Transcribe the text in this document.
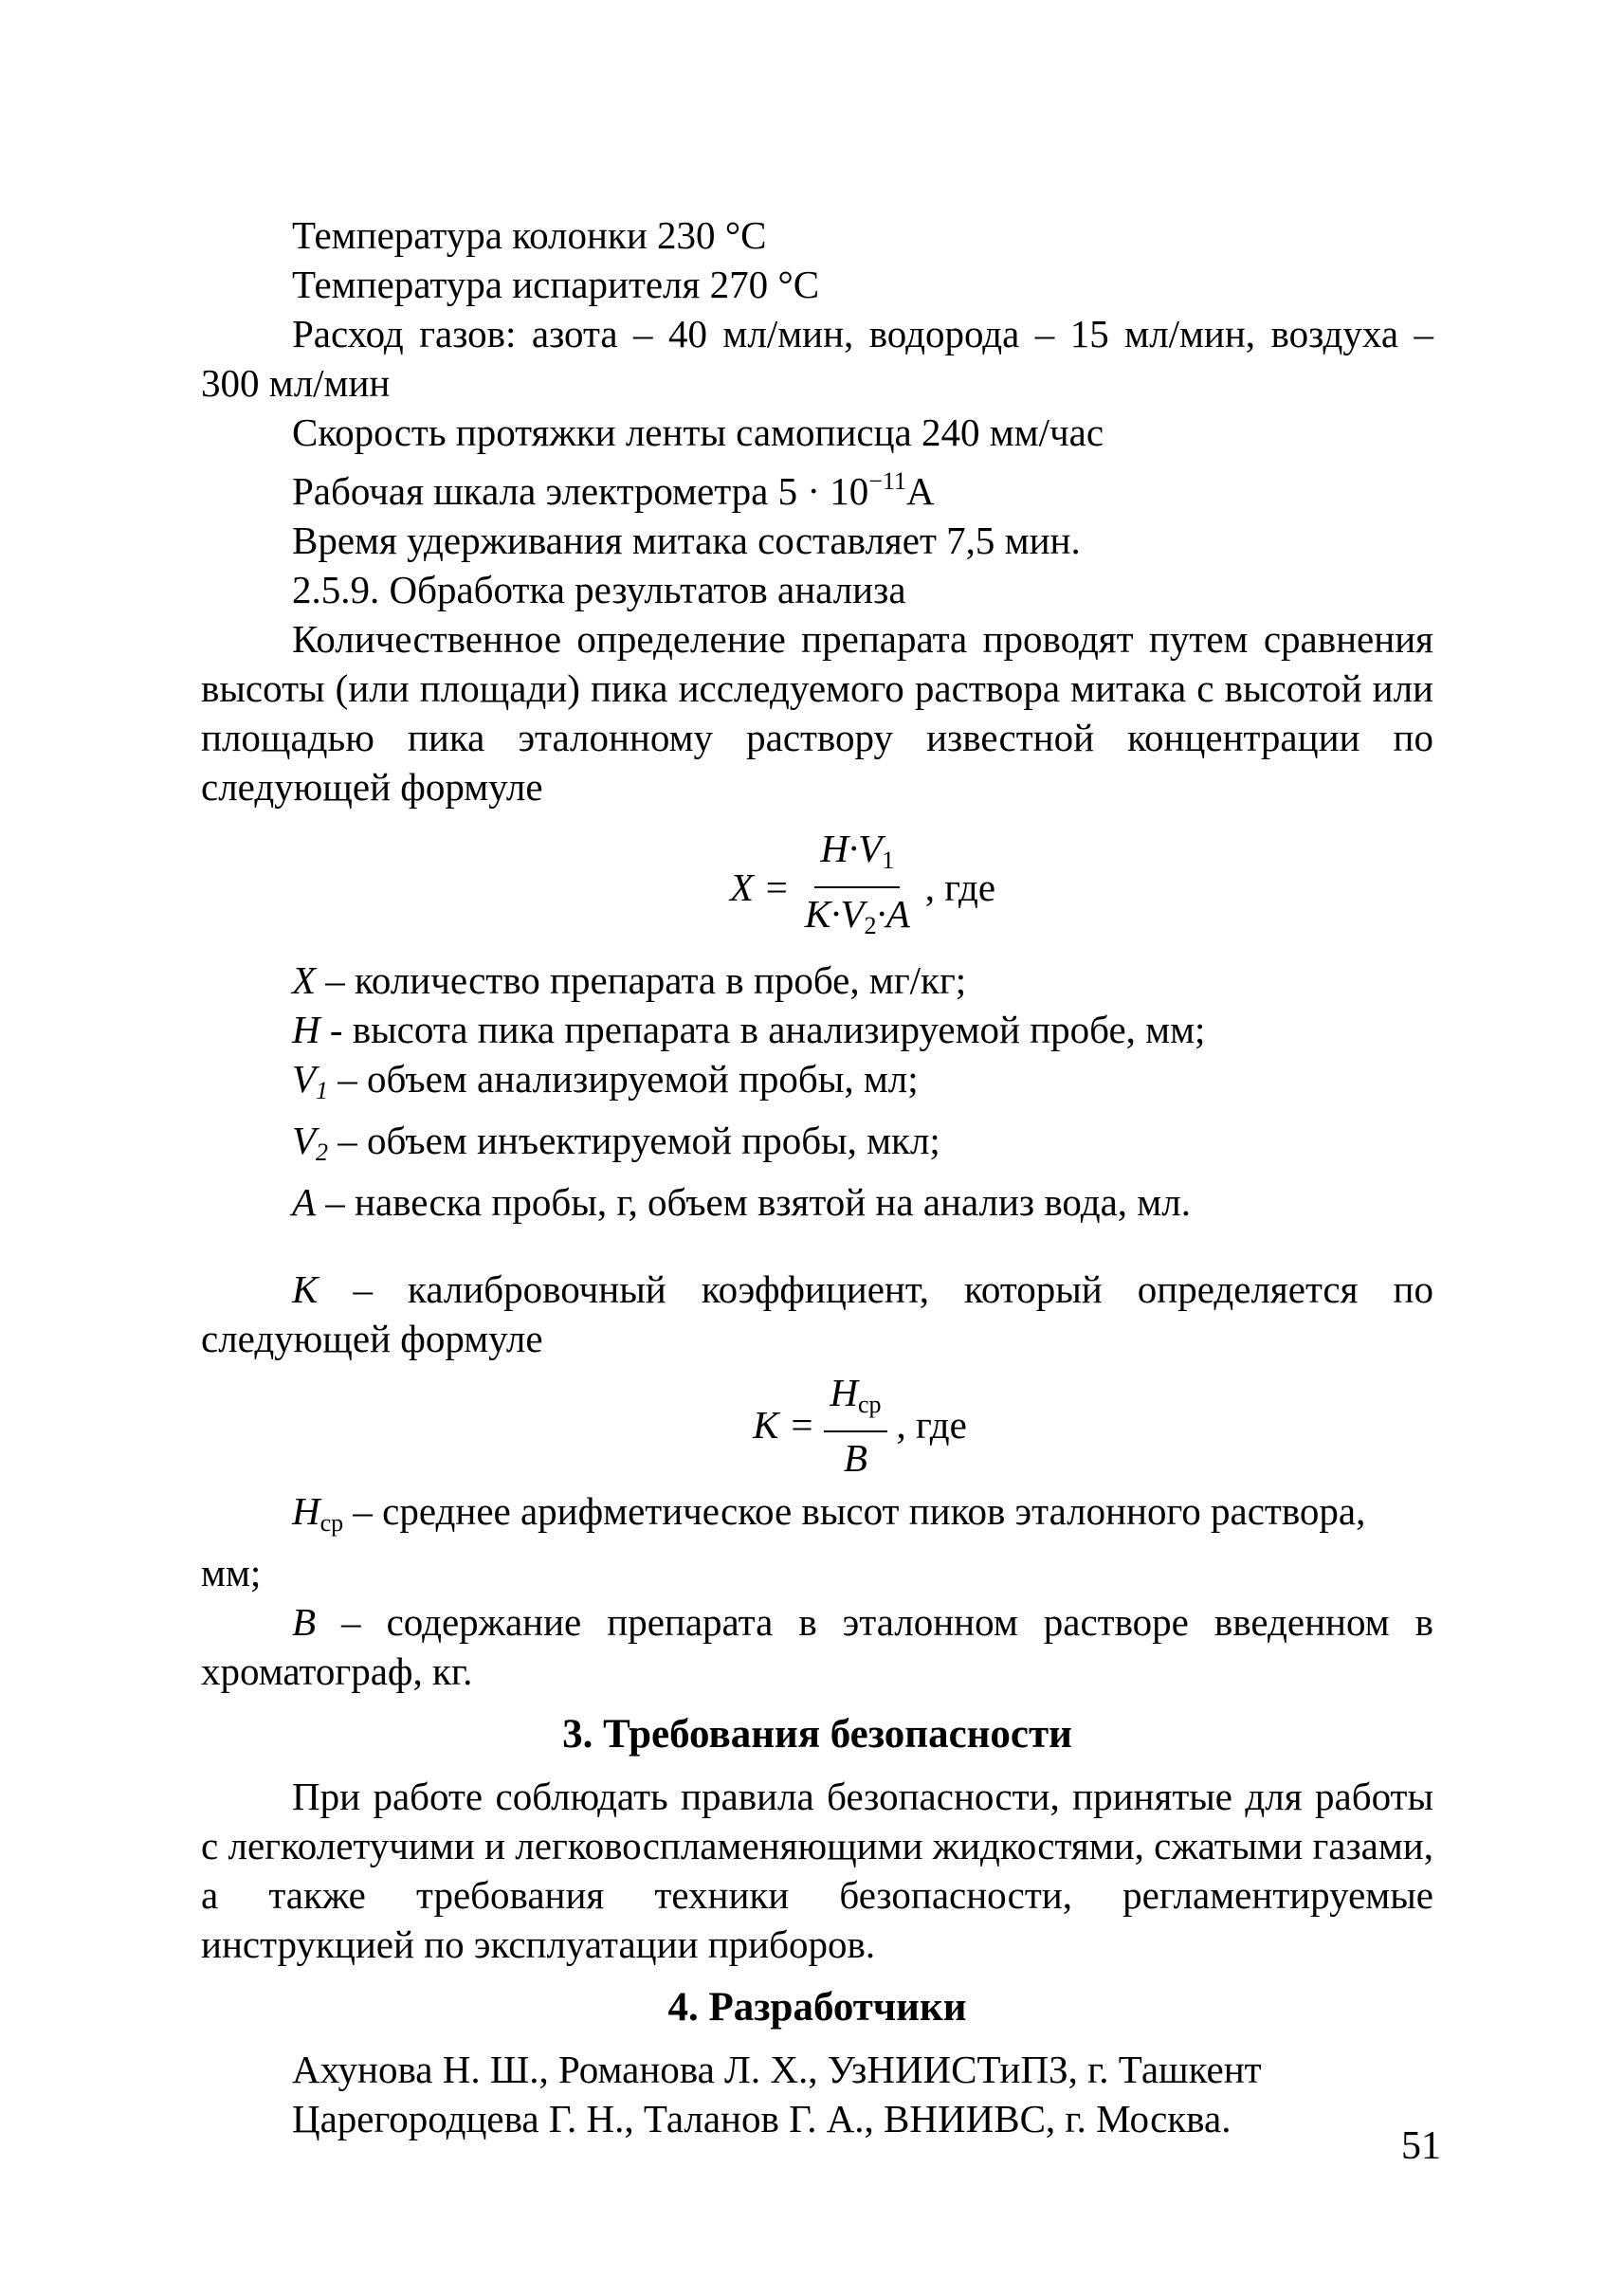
Температура колонки 230 °С

Температура испарителя 270 °С

Расход газов: азота – 40 мл/мин, водорода – 15 мл/мин, воздуха – 300 мл/мин

Скорость протяжки ленты самописца 240 мм/час

Рабочая шкала электрометра $5 \cdot 10^{-11}А$

Время удерживания митака составляет 7,5 мин.

2.5.9. Обработка результатов анализа

Количественное определение препарата проводят путем сравнения высоты (или площади) пика исследуемого раствора митака с высотой или площадью пика эталонному раствору известной концентрации по следующей формуле

$X = \frac{H\cdot V_1}{K\cdot V_2\cdot A}$ , где

X – количество препарата в пробе, мг/кг;

H - высота пика препарата в анализируемой пробе, мм;

$V_1$ – объем анализируемой пробы, мл;

$V_2$ – объем инъектируемой пробы, мкл;

A – навеска пробы, г, объем взятой на анализ вода, мл.

K – калибровочный коэффициент, который определяется по следующей формуле

$K = \frac{H_{ср}}{B}$ , где

$H_{ср}$ – среднее арифметическое высот пиков эталонного раствора, мм;

B – содержание препарата в эталонном растворе введенном в хроматограф, кг.

3. Требования безопасности

При работе соблюдать правила безопасности, принятые для работы с легколетучими и легковоспламеняющими жидкостями, сжатыми газами, а также требования техники безопасности, регламентируемые инструкцией по эксплуатации приборов.

4. Разработчики

Ахунова Н. Ш., Романова Л. Х., УзНИИСТиПЗ, г. Ташкент

Царегородцева Г. Н., Таланов Г. А., ВНИИВС, г. Москва.

51
